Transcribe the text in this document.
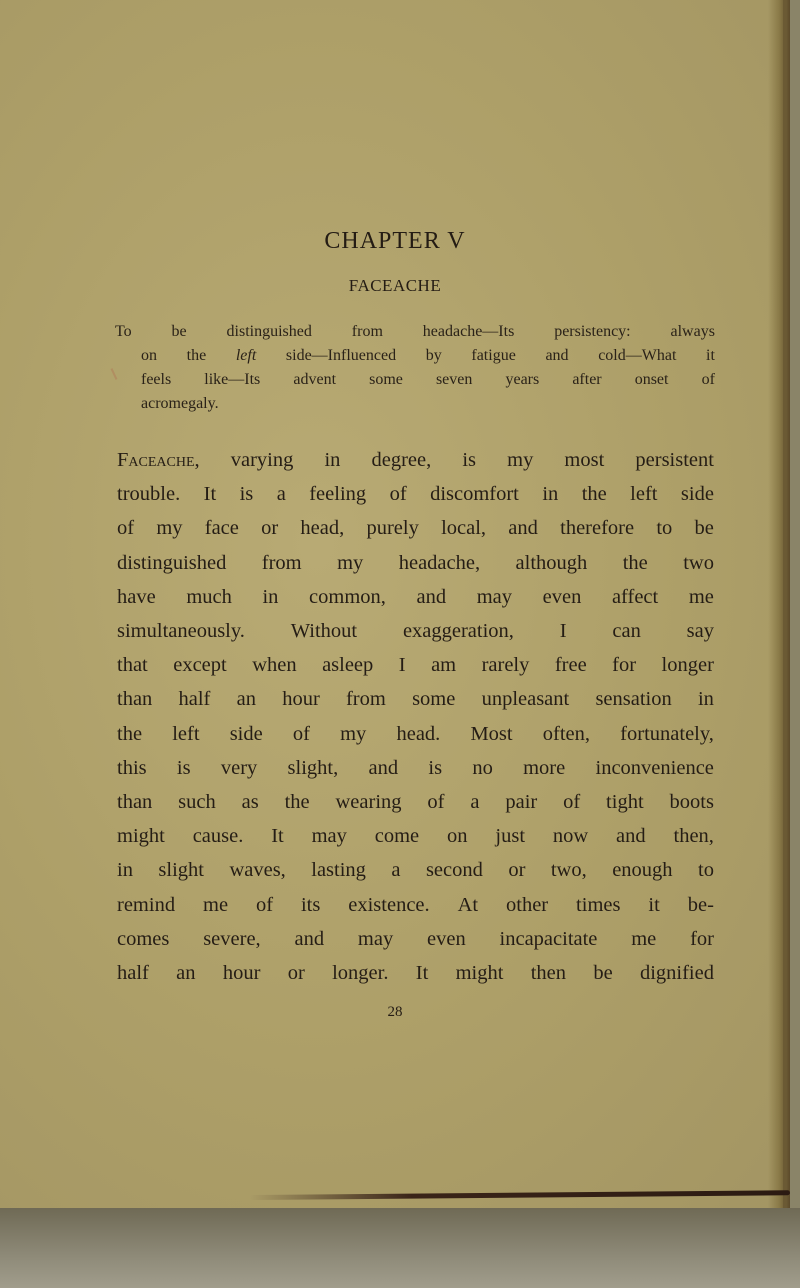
CHAPTER V
FACEACHE
To be distinguished from headache—Its persistency: always
on the left side—Influenced by fatigue and cold—What it
feels like—Its advent some seven years after onset of
acromegaly.
Faceache, varying in degree, is my most persistent
trouble. It is a feeling of discomfort in the left side
of my face or head, purely local, and therefore to be
distinguished from my headache, although the two
have much in common, and may even affect me
simultaneously. Without exaggeration, I can say
that except when asleep I am rarely free for longer
than half an hour from some unpleasant sensation in
the left side of my head. Most often, fortunately,
this is very slight, and is no more inconvenience
than such as the wearing of a pair of tight boots
might cause. It may come on just now and then,
in slight waves, lasting a second or two, enough to
remind me of its existence. At other times it be-
comes severe, and may even incapacitate me for
half an hour or longer. It might then be dignified
28
